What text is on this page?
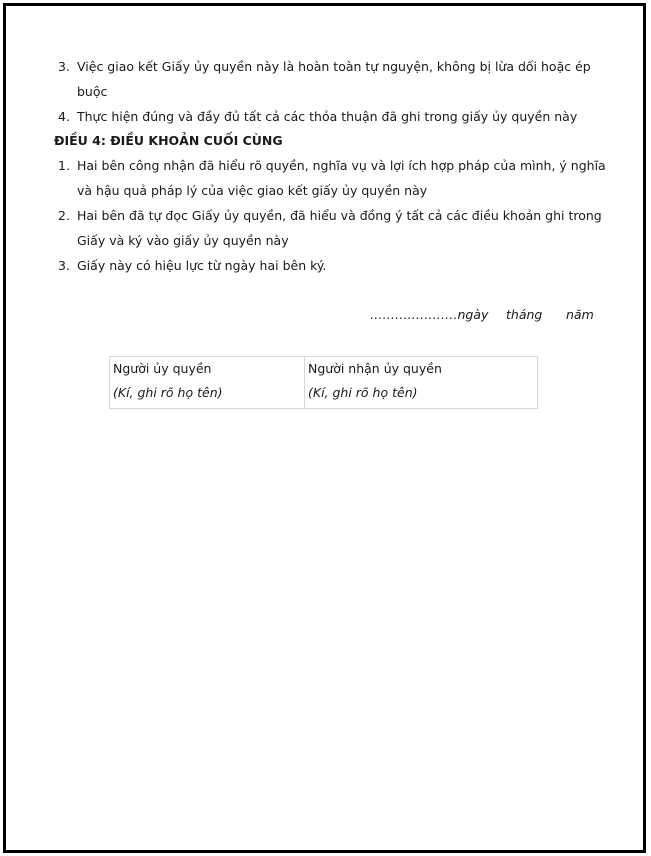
3. Việc giao kết Giấy ủy quyền này là hoàn toàn tự nguyện, không bị lừa dối hoặc ép
buộc
4. Thực hiện đúng và đầy đủ tất cả các thỏa thuận đã ghi trong giấy ủy quyền này
ĐIỀU 4: ĐIỀU KHOẢN CUỐI CÙNG
1. Hai bên công nhận đã hiểu rõ quyền, nghĩa vụ và lợi ích hợp pháp của mình, ý nghĩa
và hậu quả pháp lý của việc giao kết giấy ủy quyền này
2. Hai bên đã tự đọc Giấy ủy quyền, đã hiểu và đồng ý tất cả các điều khoản ghi trong
Giấy và ký vào giấy ủy quyền này
3. Giấy này có hiệu lực từ ngày hai bên ký.
…………………ngày tháng năm
Người ủy quyền
(Kí, ghi rõ họ tên)
Người nhận ủy quyền
(Kí, ghi rõ họ tên)
